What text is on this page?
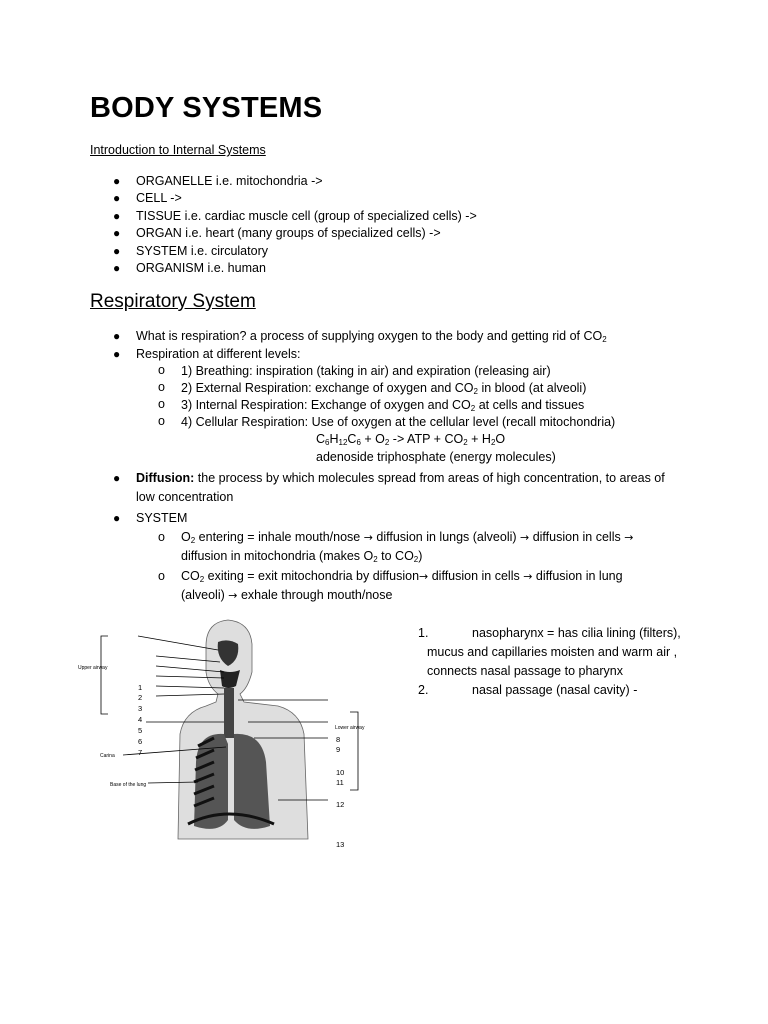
BODY SYSTEMS
Introduction to Internal Systems
● ORGANELLE i.e. mitochondria ->
● CELL ->
● TISSUE i.e. cardiac muscle cell (group of specialized cells) ->
● ORGAN i.e. heart (many groups of specialized cells) ->
● SYSTEM i.e. circulatory
● ORGANISM i.e. human
Respiratory System
● What is respiration? a process of supplying oxygen to the body and getting rid of $CO_2$
● Respiration at different levels:
o 1) Breathing: inspiration (taking in air) and expiration (releasing air)
o 2) External Respiration: exchange of oxygen and $CO_2$ in blood (at alveoli)
o 3) Internal Respiration: Exchange of oxygen and $CO_2$ at cells and tissues
o 4) Cellular Respiration: Use of oxygen at the cellular level (recall mitochondria)
$C_6H_{12}C_6 + O_2$ -> ATP + $CO_2 + H_2O$
adenoside triphosphate (energy molecules)
● Diffusion: the process by which molecules spread from areas of high concentration, to areas of
low concentration
● SYSTEM
o $O_2$ entering = inhale mouth/nose → diffusion in lungs (alveoli) → diffusion in cells →
diffusion in mitochondria (makes $O_2$ to $CO_2$)
o $CO_2$ exiting = exit mitochondria by diffusion→ diffusion in cells → diffusion in lung
(alveoli) → exhale through mouth/nose
Upper airway
Lower airway
Carina
Base of the lung
1
2
3
4
5
6
7
8
9
10
11
12
13
1.	nasopharynx = has cilia lining (filters),
mucus and capillaries moisten and warm air ,
connects nasal passage to pharynx
2.	nasal passage (nasal cavity) -
